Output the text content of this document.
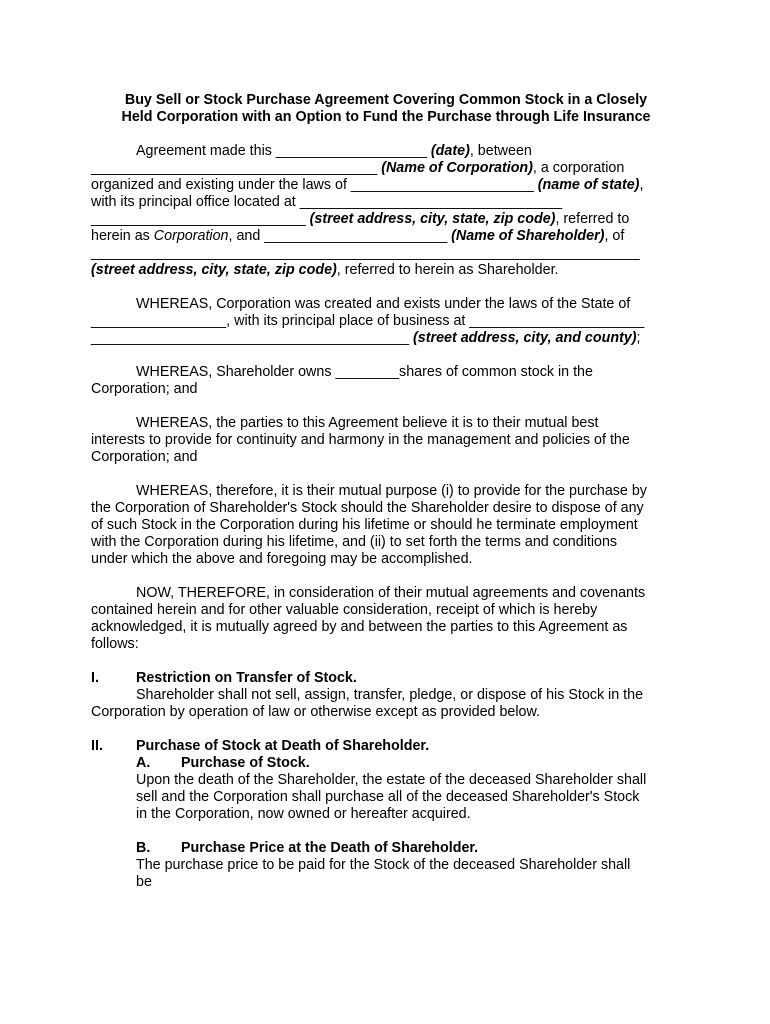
Buy Sell or Stock Purchase Agreement Covering Common Stock in a Closely
Held Corporation with an Option to Fund the Purchase through Life Insurance

Agreement made this ___________________ (date), between
____________________________________ (Name of Corporation), a corporation
organized and existing under the laws of _______________________ (name of state),
with its principal office located at _________________________________
___________________________ (street address, city, state, zip code), referred to
herein as Corporation, and _______________________ (Name of Shareholder), of
_____________________________________________________________________
(street address, city, state, zip code), referred to herein as Shareholder.

WHEREAS, Corporation was created and exists under the laws of the State of
_________________, with its principal place of business at ______________________
________________________________________ (street address, city, and county);

WHEREAS, Shareholder owns ________shares of common stock in the
Corporation; and

WHEREAS, the parties to this Agreement believe it is to their mutual best
interests to provide for continuity and harmony in the management and policies of the
Corporation; and

WHEREAS, therefore, it is their mutual purpose (i) to provide for the purchase by
the Corporation of Shareholder's Stock should the Shareholder desire to dispose of any
of such Stock in the Corporation during his lifetime or should he terminate employment
with the Corporation during his lifetime, and (ii) to set forth the terms and conditions
under which the above and foregoing may be accomplished.

NOW, THEREFORE, in consideration of their mutual agreements and covenants
contained herein and for other valuable consideration, receipt of which is hereby
acknowledged, it is mutually agreed by and between the parties to this Agreement as
follows:

I.	Restriction on Transfer of Stock.
Shareholder shall not sell, assign, transfer, pledge, or dispose of his Stock in the
Corporation by operation of law or otherwise except as provided below.

II. Purchase of Stock at Death of Shareholder.

A. Purchase of Stock.
Upon the death of the Shareholder, the estate of the deceased Shareholder shall
sell and the Corporation shall purchase all of the deceased Shareholder's Stock
in the Corporation, now owned or hereafter acquired.

B. Purchase Price at the Death of Shareholder.
The purchase price to be paid for the Stock of the deceased Shareholder shall
be
